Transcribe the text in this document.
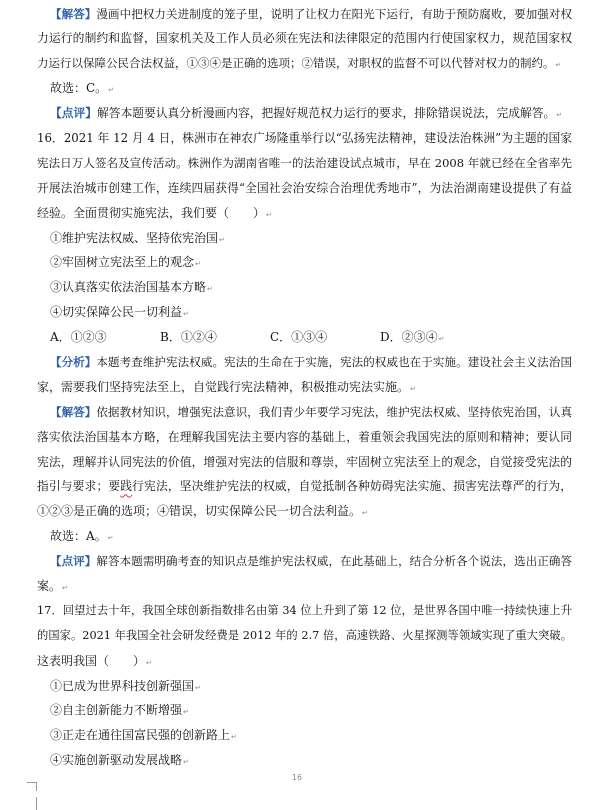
【解答】漫画中把权力关进制度的笼子里，说明了让权力在阳光下运行，有助于预防腐败，要加强对权
力运行的制约和监督，国家机关及工作人员必须在宪法和法律限定的范围内行使国家权力，规范国家权
力运行以保障公民合法权益，①③④是正确的选项；②错误，对职权的监督不可以代替对权力的制约。 ↵
故选：C。 ↵
【点评】解答本题要认真分析漫画内容，把握好规范权力运行的要求，排除错误说法，完成解答。 ↵
16．2021 年 12 月 4 日，株洲市在神农广场隆重举行以“弘扬宪法精神，建设法治株洲”为主题的国家
宪法日万人签名及宣传活动。株洲作为湖南省唯一的法治建设试点城市，早在 2008 年就已经在全省率先
开展法治城市创建工作，连续四届获得“全国社会治安综合治理优秀地市”，为法治湖南建设提供了有益
经验。全面贯彻实施宪法，我们要（　　） ↵
①维护宪法权威、坚持依宪治国 ↵
②牢固树立宪法至上的观念 ↵
③认真落实依法治国基本方略 ↵
④切实保障公民一切利益 ↵
A．①②③	B．①②④	C．①③④	D．②③④ ↵
【分析】本题考查维护宪法权威。宪法的生命在于实施，宪法的权威也在于实施。建设社会主义法治国
家，需要我们坚持宪法至上，自觉践行宪法精神，积极推动宪法实施。 ↵
【解答】依据教材知识，增强宪法意识，我们青少年要学习宪法，维护宪法权威、坚持依宪治国，认真
落实依法治国基本方略，在理解我国宪法主要内容的基础上，着重领会我国宪法的原则和精神；要认同
宪法，理解并认同宪法的价值，增强对宪法的信服和尊崇，牢固树立宪法至上的观念，自觉接受宪法的
指引与要求；要践行宪法，坚决维护宪法的权威，自觉抵制各种妨碍宪法实施、损害宪法尊严的行为，
①②③是正确的选项；④错误，切实保障公民一切合法利益。 ↵
故选：A。 ↵
【点评】解答本题需明确考查的知识点是维护宪法权威，在此基础上，结合分析各个说法，选出正确答
案。 ↵
17．回望过去十年，我国全球创新指数排名由第 34 位上升到了第 12 位，是世界各国中唯一持续快速上升
的国家。2021 年我国全社会研发经费是 2012 年的 2.7 倍，高速铁路、火星探测等领域实现了重大突破。
这表明我国（　　） ↵
①已成为世界科技创新强国 ↵
②自主创新能力不断增强 ↵
③正走在通往国富民强的创新路上 ↵
④实施创新驱动发展战略 ↵
16
